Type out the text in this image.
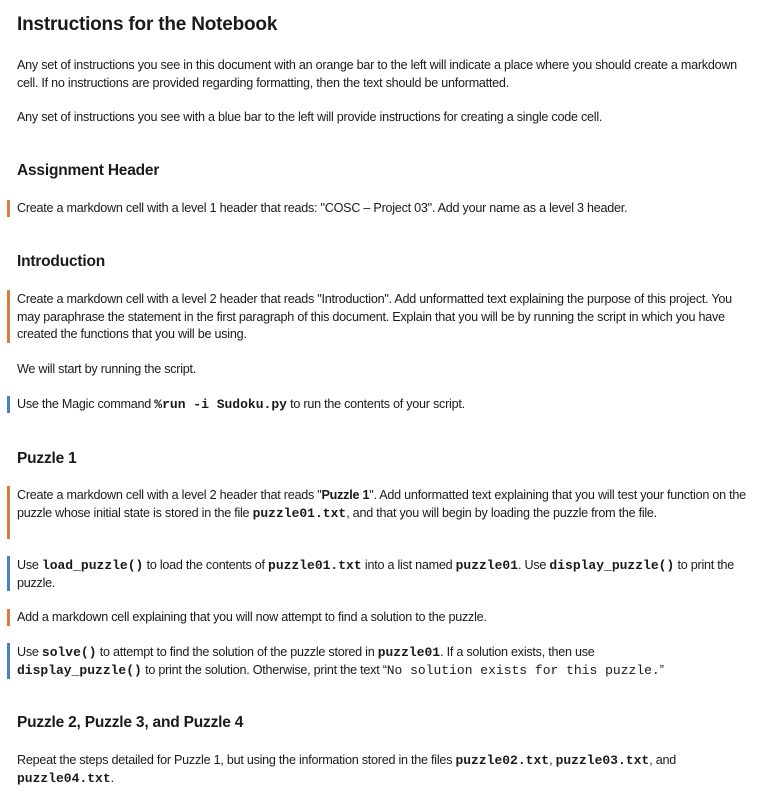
Instructions for the Notebook
Any set of instructions you see in this document with an orange bar to the left will indicate a place where you should create a markdown cell. If no instructions are provided regarding formatting, then the text should be unformatted.
Any set of instructions you see with a blue bar to the left will provide instructions for creating a single code cell.
Assignment Header
Create a markdown cell with a level 1 header that reads: "COSC – Project 03". Add your name as a level 3 header.
Introduction
Create a markdown cell with a level 2 header that reads "Introduction". Add unformatted text explaining the purpose of this project. You may paraphrase the statement in the first paragraph of this document. Explain that you will be by running the script in which you have created the functions that you will be using.
We will start by running the script.
Use the Magic command %run -i Sudoku.py to run the contents of your script.
Puzzle 1
Create a markdown cell with a level 2 header that reads "Puzzle 1". Add unformatted text explaining that you will test your function on the puzzle whose initial state is stored in the file puzzle01.txt, and that you will begin by loading the puzzle from the file.
Use load_puzzle() to load the contents of puzzle01.txt into a list named puzzle01. Use display_puzzle() to print the puzzle.
Add a markdown cell explaining that you will now attempt to find a solution to the puzzle.
Use solve() to attempt to find the solution of the puzzle stored in puzzle01. If a solution exists, then use
display_puzzle() to print the solution. Otherwise, print the text “No solution exists for this puzzle.”
Puzzle 2, Puzzle 3, and Puzzle 4
Repeat the steps detailed for Puzzle 1, but using the information stored in the files puzzle02.txt, puzzle03.txt, and puzzle04.txt.
